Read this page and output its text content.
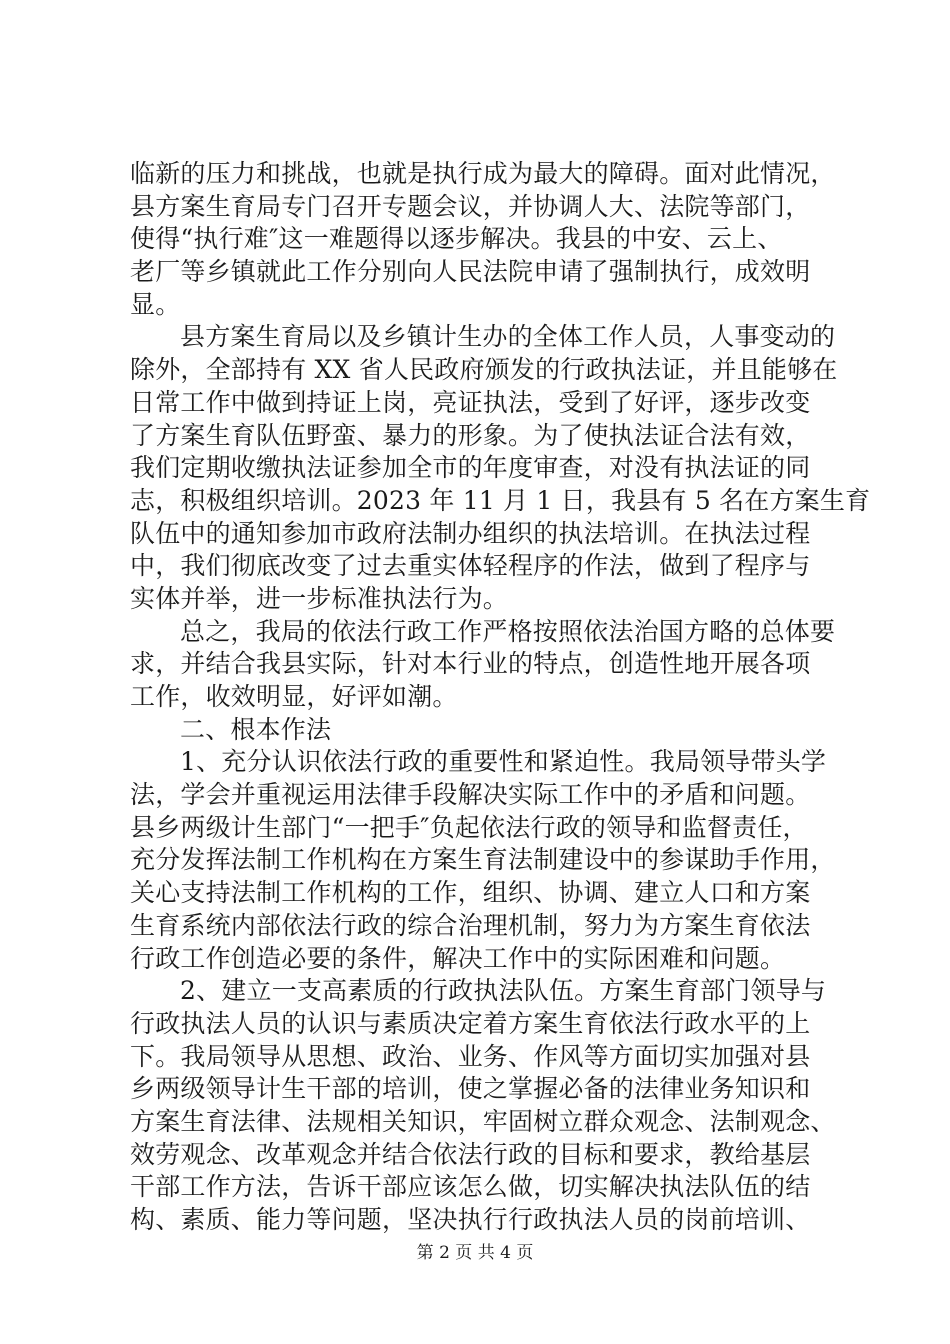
临新的压力和挑战，也就是执行成为最大的障碍。面对此情况，
县方案生育局专门召开专题会议，并协调人大、法院等部门，
使得“执行难″这一难题得以逐步解决。我县的中安、云上、
老厂等乡镇就此工作分别向人民法院申请了强制执行，成效明
显。
县方案生育局以及乡镇计生办的全体工作人员，人事变动的
除外，全部持有 XX 省人民政府颁发的行政执法证，并且能够在
日常工作中做到持证上岗，亮证执法，受到了好评，逐步改变
了方案生育队伍野蛮、暴力的形象。为了使执法证合法有效，
我们定期收缴执法证参加全市的年度审查，对没有执法证的同
志，积极组织培训。2023 年 11 月 1 日，我县有 5 名在方案生育
队伍中的通知参加市政府法制办组织的执法培训。在执法过程
中，我们彻底改变了过去重实体轻程序的作法，做到了程序与
实体并举，进一步标准执法行为。
总之，我局的依法行政工作严格按照依法治国方略的总体要
求，并结合我县实际，针对本行业的特点，创造性地开展各项
工作，收效明显，好评如潮。
二、根本作法
1、充分认识依法行政的重要性和紧迫性。我局领导带头学
法，学会并重视运用法律手段解决实际工作中的矛盾和问题。
县乡两级计生部门“一把手″负起依法行政的领导和监督责任，
充分发挥法制工作机构在方案生育法制建设中的参谋助手作用，
关心支持法制工作机构的工作，组织、协调、建立人口和方案
生育系统内部依法行政的综合治理机制，努力为方案生育依法
行政工作创造必要的条件，解决工作中的实际困难和问题。
2、建立一支高素质的行政执法队伍。方案生育部门领导与
行政执法人员的认识与素质决定着方案生育依法行政水平的上
下。我局领导从思想、政治、业务、作风等方面切实加强对县
乡两级领导计生干部的培训，使之掌握必备的法律业务知识和
方案生育法律、法规相关知识，牢固树立群众观念、法制观念、
效劳观念、改革观念并结合依法行政的目标和要求，教给基层
干部工作方法，告诉干部应该怎么做，切实解决执法队伍的结
构、素质、能力等问题，坚决执行行政执法人员的岗前培训、
第 2 页 共 4 页
